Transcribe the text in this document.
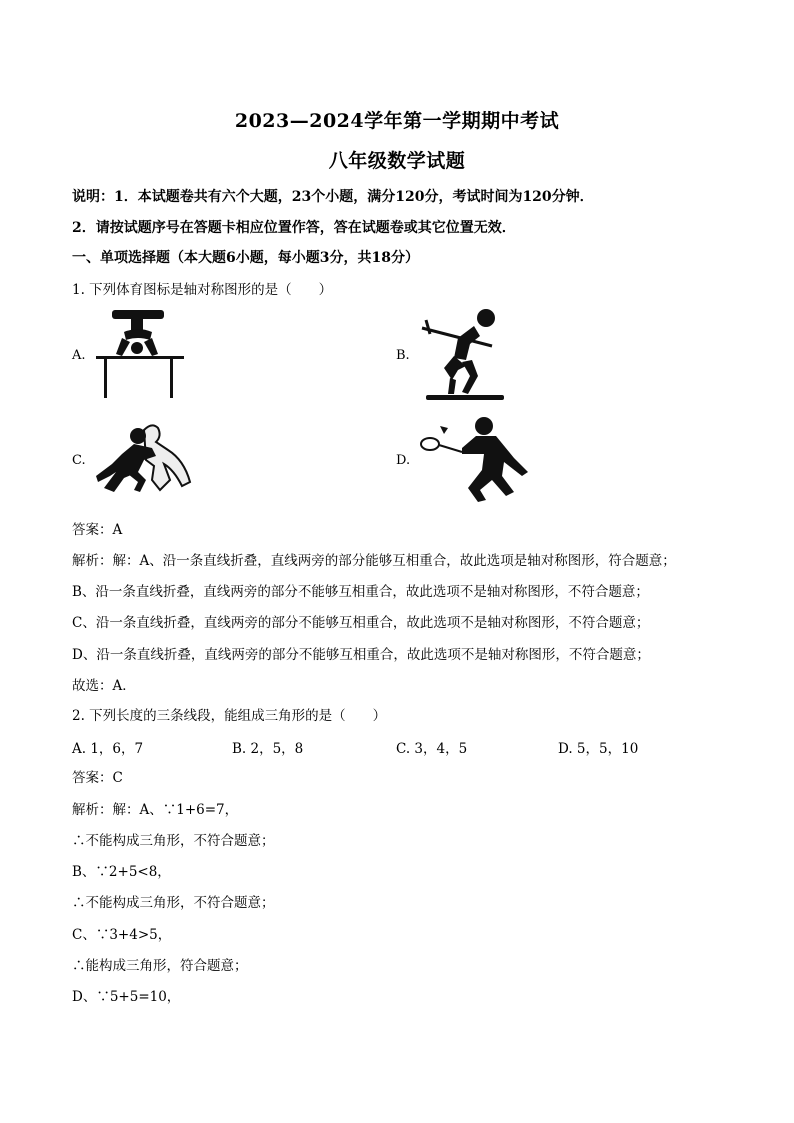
2023—2024学年第一学期期中考试
八年级数学试题
说明：1．本试题卷共有六个大题，23个小题，满分120分，考试时间为120分钟．
2．请按试题序号在答题卡相应位置作答，答在试题卷或其它位置无效．
一、单项选择题（本大题6小题，每小题3分，共18分）
1. 下列体育图标是轴对称图形的是（　　）
A.	B.
C.	D.
答案：A
解析：解：A、沿一条直线折叠，直线两旁的部分能够互相重合，故此选项是轴对称图形，符合题意；
B、沿一条直线折叠，直线两旁的部分不能够互相重合，故此选项不是轴对称图形，不符合题意；
C、沿一条直线折叠，直线两旁的部分不能够互相重合，故此选项不是轴对称图形，不符合题意；
D、沿一条直线折叠，直线两旁的部分不能够互相重合，故此选项不是轴对称图形，不符合题意；
故选：A．
2. 下列长度的三条线段，能组成三角形的是（　　）
A. 1，6，7	B. 2，5，8	C. 3，4，5	D. 5，5，10
答案：C
解析：解：A、∵1+6=7，
∴不能构成三角形，不符合题意；
B、∵2+5<8，
∴不能构成三角形，不符合题意；
C、∵3+4>5，
∴能构成三角形，符合题意；
D、∵5+5=10，
